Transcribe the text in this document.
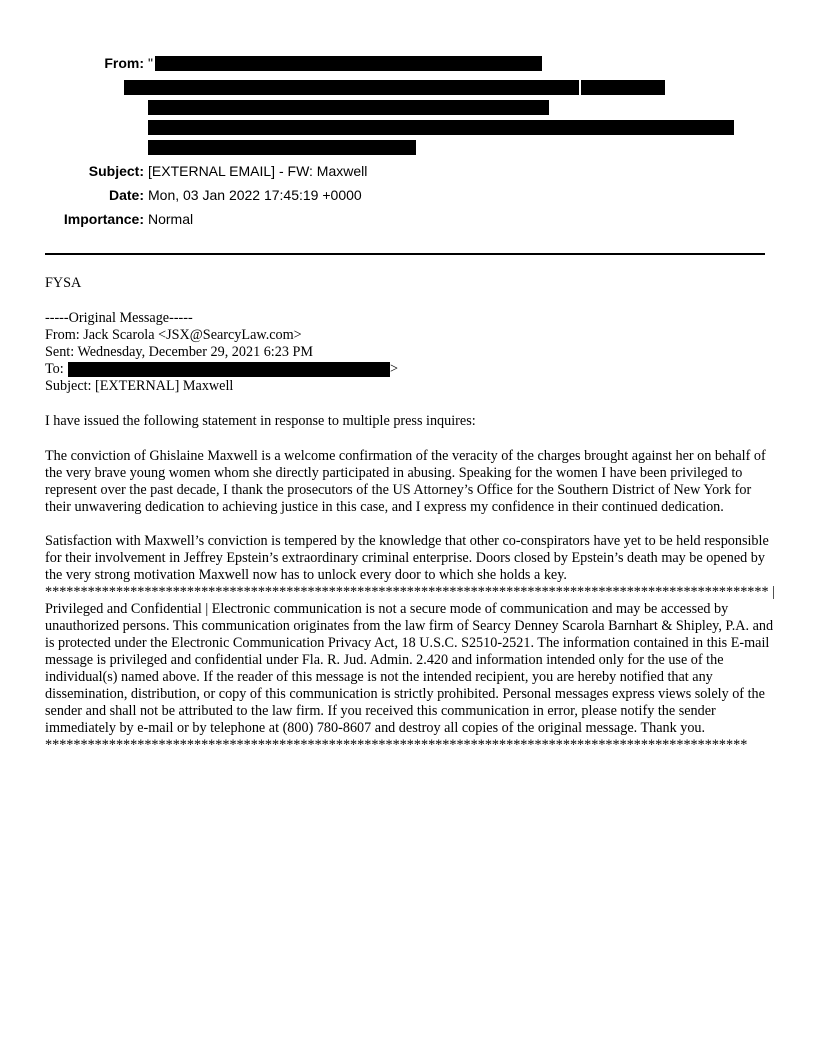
From: "
Subject: [EXTERNAL EMAIL] - FW: Maxwell
Date: Mon, 03 Jan 2022 17:45:19 +0000
Importance: Normal
FYSA
-----Original Message-----
From: Jack Scarola <JSX@SearcyLaw.com>
Sent: Wednesday, December 29, 2021 6:23 PM
To:	>
Subject: [EXTERNAL] Maxwell
I have issued the following statement in response to multiple press inquires:
The conviction of Ghislaine Maxwell is a welcome confirmation of the veracity of the charges brought against her on behalf of the very brave young women whom she directly participated in abusing. Speaking for the women I have been privileged to represent over the past decade, I thank the prosecutors of the US Attorney’s Office for the Southern District of New York for their unwavering dedication to achieving justice in this case, and I express my confidence in their continued dedication.
Satisfaction with Maxwell’s conviction is tempered by the knowledge that other co-conspirators have yet to be held responsible for their involvement in Jeffrey Epstein’s extraordinary criminal enterprise. Doors closed by Epstein’s death may be opened by the very strong motivation Maxwell now has to unlock every door to which she holds a key.
****************************************************************************************************** |
Privileged and Confidential | Electronic communication is not a secure mode of communication and may be accessed by unauthorized persons. This communication originates from the law firm of Searcy Denney Scarola Barnhart & Shipley, P.A. and is protected under the Electronic Communication Privacy Act, 18 U.S.C. S2510-2521. The information contained in this E-mail message is privileged and confidential under Fla. R. Jud. Admin. 2.420 and information intended only for the use of the individual(s) named above. If the reader of this message is not the intended recipient, you are hereby notified that any dissemination, distribution, or copy of this communication is strictly prohibited. Personal messages express views solely of the sender and shall not be attributed to the law firm. If you received this communication in error, please notify the sender immediately by e-mail or by telephone at (800) 780-8607 and destroy all copies of the original message. Thank you. ***************************************************************************************************
